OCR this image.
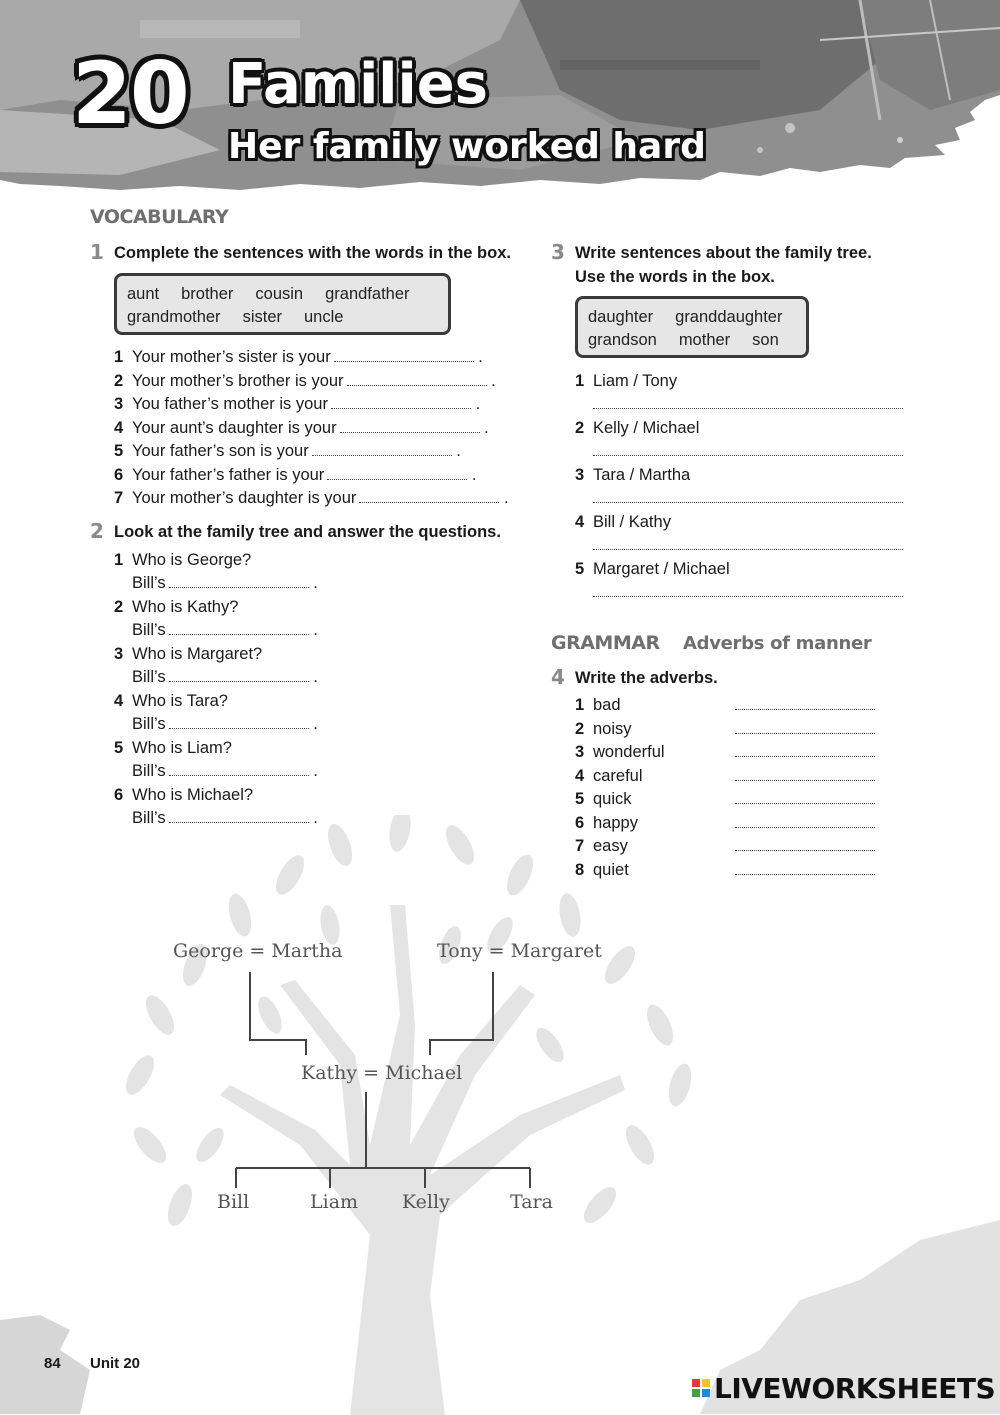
20 Families
Her family worked hard
VOCABULARY
1 Complete the sentences with the words in the box.
aunt brother cousin grandfather
grandmother sister uncle
1 Your mother’s sister is your	.
2 Your mother’s brother is your	.
3 You father’s mother is your	.
4 Your aunt’s daughter is your	.
5 Your father’s son is your	.
6 Your father’s father is your	.
7 Your mother’s daughter is your	.
2 Look at the family tree and answer the questions.
1 Who is George?
Bill’s	.
2 Who is Kathy?
Bill’s	.
3 Who is Margaret?
Bill’s	.
4 Who is Tara?
Bill’s	.
5 Who is Liam?
Bill’s	.
6 Who is Michael?
Bill’s	.
3 Write sentences about the family tree.
Use the words in the box.
daughter granddaughter
grandson mother son
1 Liam / Tony
2 Kelly / Michael
3 Tara / Martha
4 Bill / Kathy
5 Margaret / Michael
GRAMMAR Adverbs of manner
4 Write the adverbs.
1 bad
2 noisy
3 wonderful
4 careful
5 quick
6 happy
7 easy
8 quiet
George = Martha	Tony = Margaret
Kathy = Michael
Bill	Liam Kelly	Tara
84 Unit 20
LIVEWORKSHEETS
